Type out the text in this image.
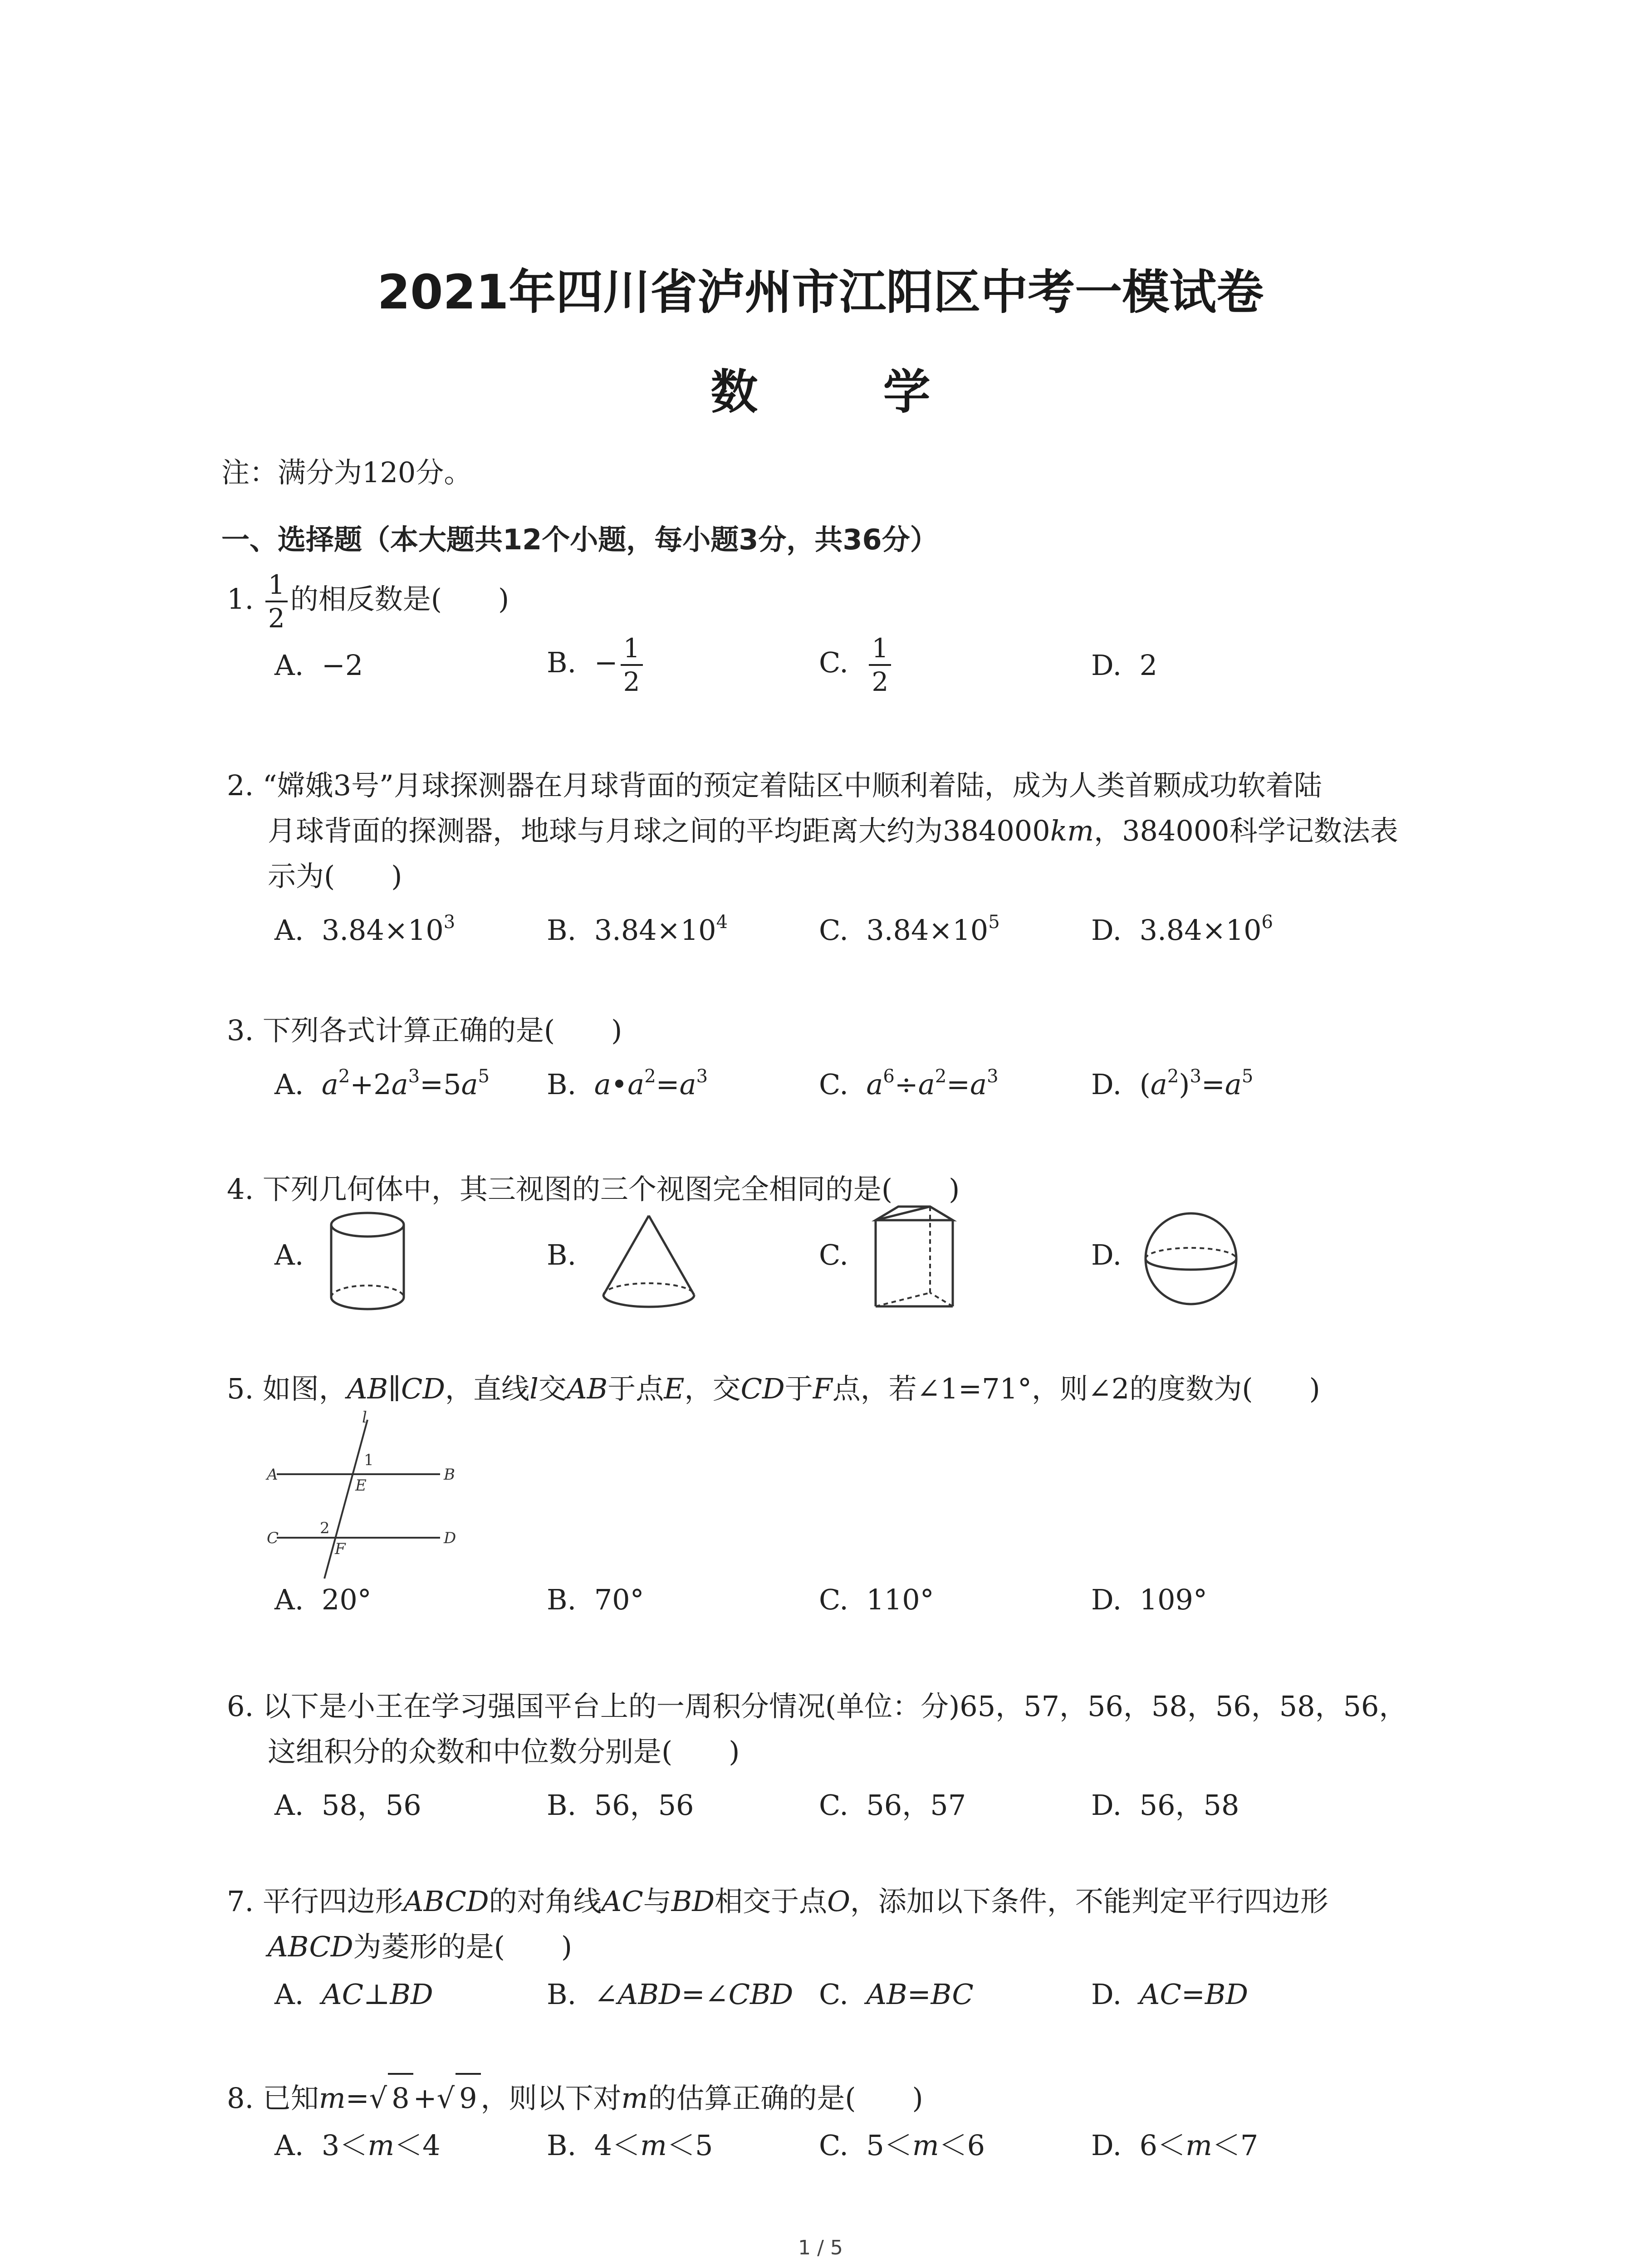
2021年四川省泸州市江阳区中考一模试卷
数 学
注：满分为120分。
一、选择题（本大题共12个小题，每小题3分，共36分）
1. $\frac{1}{2}$ 的相反数是(　　)
A. −2	B. − $\frac{1}{2}$	C. $\frac{1}{2}$	D. 2
2. “嫦娥3号”月球探测器在月球背面的预定着陆区中顺利着陆，成为人类首颗成功软着陆
月球背面的探测器，地球与月球之间的平均距离大约为384000km，384000科学记数法表
示为(　　)
A. $3.84\times 10^3$	B. $3.84\times 10^4$	C. $3.84\times 10^5$	D. $3.84\times 10^6$
3. 下列各式计算正确的是(　　)
A. $a^2+2a^3=5a^5$ B. $a•a^2=a^3$	C. $a^6\div a^2=a^3$	D. $(a^2)^3=a^5$
4. 下列几何体中，其三视图的三个视图完全相同的是(　　)
A.	B.	C.	D.
5. 如图，AB∥CD，直线l交AB于点E，交CD于F点，若∠1=71°，则∠2的度数为(　　)
l
1
A
E
B
2
C
F
D
A. 20°	B. 70°	C. 110°	D. 109°
6. 以下是小王在学习强国平台上的一周积分情况(单位：分)65，57，56，58，56，58，56，
这组积分的众数和中位数分别是(　　)
A. 58，56	B. 56，56	C. 56，57	D. 56，58
7. 平行四边形ABCD的对角线AC与BD相交于点O，添加以下条件，不能判定平行四边形
ABCD为菱形的是(　　)
A. AC⊥BD	B. ∠ABD=∠CBD C. AB=BC	D. AC=BD
8. 已知m=√ 8 +√ 9 ，则以下对m的估算正确的是(　　)
A. 3＜m＜4	B. 4＜m＜5	C. 5＜m＜6	D. 6＜m＜7
1 / 5
